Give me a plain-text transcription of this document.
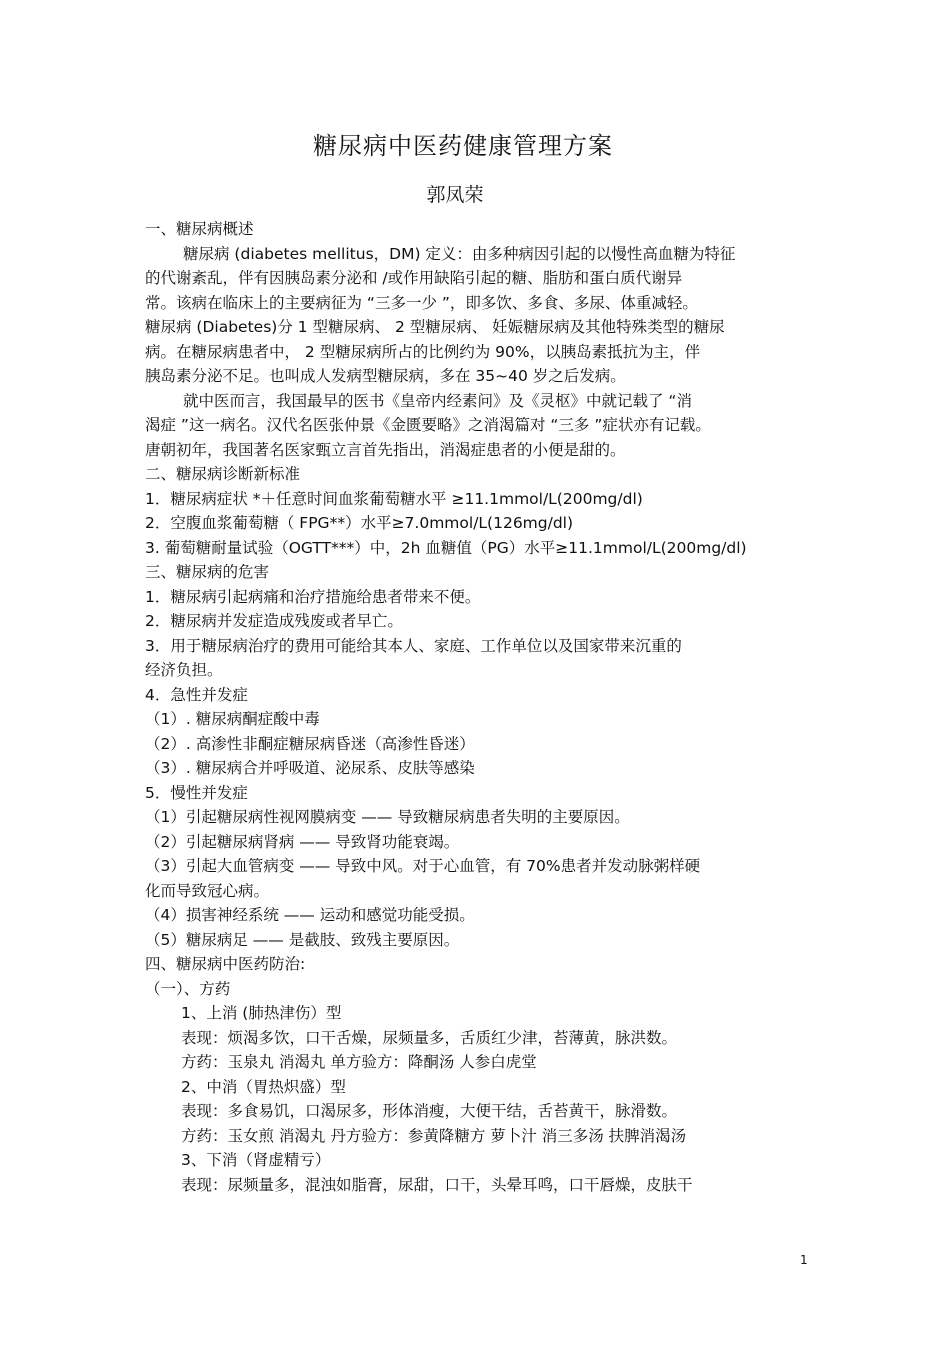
糖尿病中医药健康管理方案
郭凤荣

一、糖尿病概述

糖尿病 (diabetes mellitus，DM) 定义：由多种病因引起的以慢性高血糖为特征

的代谢紊乱，伴有因胰岛素分泌和 /或作用缺陷引起的糖、脂肪和蛋白质代谢异

常。该病在临床上的主要病征为 “三多一少 ”，即多饮、多食、多尿、体重减轻。

糖尿病 (Diabetes)分 1 型糖尿病、 2 型糖尿病、 妊娠糖尿病及其他特殊类型的糖尿

病。在糖尿病患者中， 2 型糖尿病所占的比例约为 90%，以胰岛素抵抗为主，伴

胰岛素分泌不足。也叫成人发病型糖尿病，多在 35~40 岁之后发病。

就中医而言，我国最早的医书《皇帝内经素问》及《灵枢》中就记载了 “消

渴症 ”这一病名。汉代名医张仲景《金匮要略》之消渴篇对 “三多 ”症状亦有记载。

唐朝初年，我国著名医家甄立言首先指出，消渴症患者的小便是甜的。

二、糖尿病诊断新标准

1．糖尿病症状 *＋任意时间血浆葡萄糖水平 ≥11.1mmol/L(200mg/dl)

2．空腹血浆葡萄糖（ FPG**）水平≥7.0mmol/L(126mg/dl)

3. 葡萄糖耐量试验（OGTT***）中，2h 血糖值（PG）水平≥11.1mmol/L(200mg/dl)

三、糖尿病的危害

1．糖尿病引起病痛和治疗措施给患者带来不便。

2．糖尿病并发症造成残废或者早亡。

3．用于糖尿病治疗的费用可能给其本人、家庭、工作单位以及国家带来沉重的

经济负担。

4．急性并发症

（1）. 糖尿病酮症酸中毒

（2）. 高渗性非酮症糖尿病昏迷（高渗性昏迷）

（3）. 糖尿病合并呼吸道、泌尿系、皮肤等感染

5．慢性并发症

（1）引起糖尿病性视网膜病变 —— 导致糖尿病患者失明的主要原因。

（2）引起糖尿病肾病 —— 导致肾功能衰竭。

（3）引起大血管病变 —— 导致中风。对于心血管，有 70%患者并发动脉粥样硬

化而导致冠心病。

（4）损害神经系统 —— 运动和感觉功能受损。

（5）糖尿病足 —— 是截肢、致残主要原因。

四、糖尿病中医药防治:

（一）、方药

1、上消 (肺热津伤）型

表现：烦渴多饮，口干舌燥，尿频量多，舌质红少津，苔薄黄，脉洪数。

方药：玉泉丸 消渴丸 单方验方：降酮汤 人参白虎堂

2、中消（胃热炽盛）型

表现：多食易饥，口渴尿多，形体消瘦，大便干结，舌苔黄干，脉滑数。

方药：玉女煎 消渴丸 丹方验方：参黄降糖方 萝卜汁 消三多汤 扶脾消渴汤

3、下消（肾虚精亏）

表现：尿频量多，混浊如脂膏，尿甜，口干，头晕耳鸣，口干唇燥，皮肤干

1
